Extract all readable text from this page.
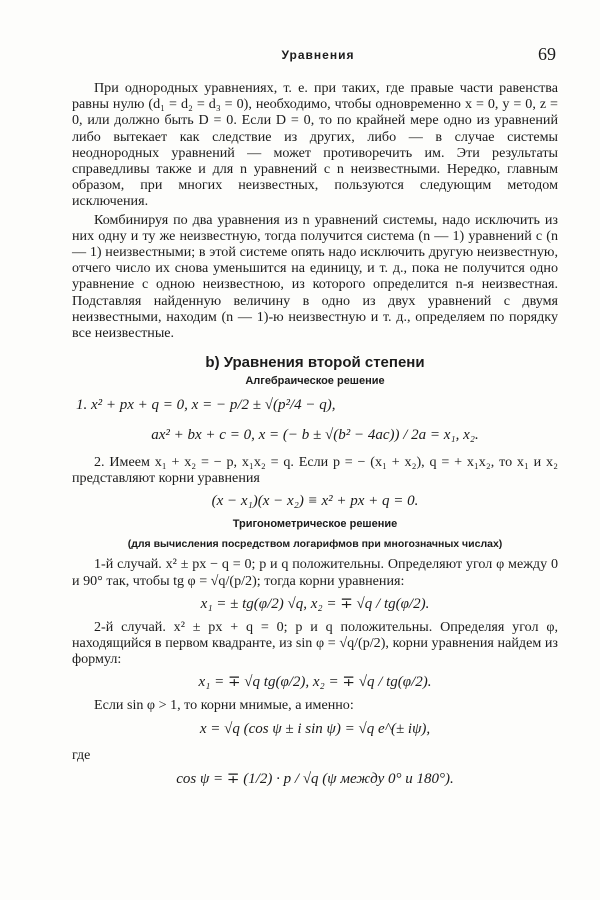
Уравнения	69

При однородных уравнениях, т. е. при таких, где правые части равенства равны нулю (d₁ = d₂ = d₃ = 0), необходимо, чтобы одновременно x = 0, y = 0, z = 0, или должно быть D = 0. Если D = 0, то по крайней мере одно из уравнений либо вытекает как следствие из других, либо — в случае системы неоднородных уравнений — может противоречить им. Эти результаты справедливы также и для n уравнений с n неизвестными. Нередко, главным образом, при многих неизвестных, пользуются следующим методом исключения.

Комбинируя по два уравнения из n уравнений системы, надо исключить из них одну и ту же неизвестную, тогда получится система (n — 1) уравнений с (n — 1) неизвестными; в этой системе опять надо исключить другую неизвестную, отчего число их снова уменьшится на единицу, и т. д., пока не получится одно уравнение с одною неизвестною, из которого определится n-я неизвестная. Подставляя найденную величину в одно из двух уравнений с двумя неизвестными, находим (n — 1)-ю неизвестную и т. д., определяем по порядку все неизвестные.

b) Уравнения второй степени
Алгебраическое решение
1. x² + px + q = 0, x = − p/2 ± √(p²/4 − q),
ax² + bx + c = 0, x = (− b ± √(b² − 4ac)) / 2a = x₁, x₂.

2. Имеем x₁ + x₂ = − p, x₁x₂ = q. Если p = − (x₁ + x₂), q = + x₁x₂, то x₁ и x₂ представляют корни уравнения

(x − x₁)(x − x₂) ≡ x² + px + q = 0.
Тригонометрическое решение
(для вычисления посредством логарифмов при многозначных числах)

1-й случай. x² ± px − q = 0; p и q положительны. Определяют угол φ между 0 и 90° так, чтобы tg φ = √q/(p/2); тогда корни уравнения:

x₁ = ± tg(φ/2) √q, x₂ = ∓ √q / tg(φ/2).

2-й случай. x² ± px + q = 0; p и q положительны. Определяя угол φ, находящийся в первом квадранте, из sin φ = √q/(p/2), корни уравнения найдем из формул:

x₁ = ∓ √q tg(φ/2), x₂ = ∓ √q / tg(φ/2).

Если sin φ > 1, то корни мнимые, а именно:

x = √q (cos ψ ± i sin ψ) = √q e^(± iψ),
где
cos ψ = ∓ (1/2) · p / √q (ψ между 0° и 180°).
